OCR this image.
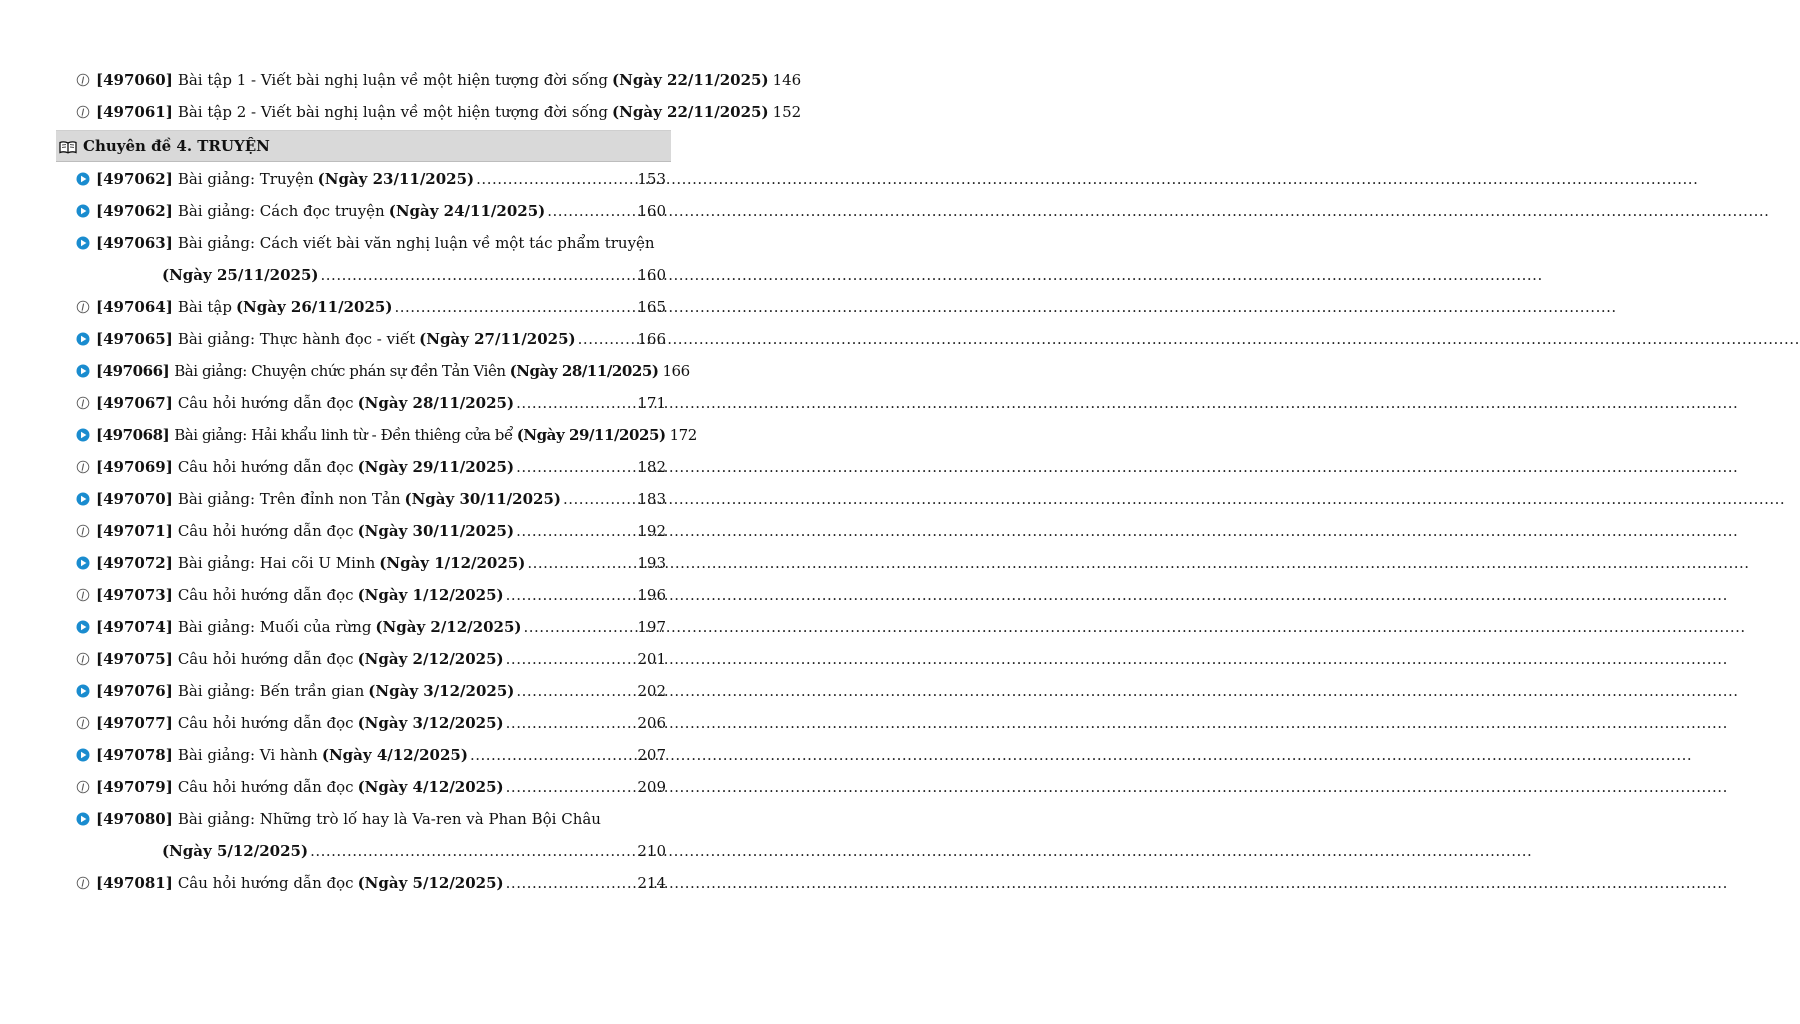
[497060] Bài tập 1 - Viết bài nghị luận về một hiện tượng đời sống (Ngày 22/11/2025) 146
[497061] Bài tập 2 - Viết bài nghị luận về một hiện tượng đời sống (Ngày 22/11/2025) 152
Chuyên đề 4. TRUYỆN
[497062] Bài giảng: Truyện (Ngày 23/11/2025) .....	153
[497062] Bài giảng: Cách đọc truyện (Ngày 24/11/2025) .....	160
[497063] Bài giảng: Cách viết bài văn nghị luận về một tác phẩm truyện
(Ngày 25/11/2025) .....	160
[497064] Bài tập (Ngày 26/11/2025) .....	165
[497065] Bài giảng: Thực hành đọc - viết (Ngày 27/11/2025) .....	166
[497066] Bài giảng: Chuyện chức phán sự đền Tản Viên (Ngày 28/11/2025) 166
[497067] Câu hỏi hướng dẫn đọc (Ngày 28/11/2025) .....	171
[497068] Bài giảng: Hải khẩu linh từ - Đền thiêng cửa bể (Ngày 29/11/2025) 172
[497069] Câu hỏi hướng dẫn đọc (Ngày 29/11/2025) .....	182
[497070] Bài giảng: Trên đỉnh non Tản (Ngày 30/11/2025) .....	183
[497071] Câu hỏi hướng dẫn đọc (Ngày 30/11/2025) .....	192
[497072] Bài giảng: Hai cõi U Minh (Ngày 1/12/2025) .....	193
[497073] Câu hỏi hướng dẫn đọc (Ngày 1/12/2025) .....	196
[497074] Bài giảng: Muối của rừng (Ngày 2/12/2025) .....	197
[497075] Câu hỏi hướng dẫn đọc (Ngày 2/12/2025) .....	201
[497076] Bài giảng: Bến trần gian (Ngày 3/12/2025) .....	202
[497077] Câu hỏi hướng dẫn đọc (Ngày 3/12/2025) .....	206
[497078] Bài giảng: Vi hành (Ngày 4/12/2025) .....	207
[497079] Câu hỏi hướng dẫn đọc (Ngày 4/12/2025) .....	209
[497080] Bài giảng: Những trò lố hay là Va-ren và Phan Bội Châu
(Ngày 5/12/2025) .....	210
[497081] Câu hỏi hướng dẫn đọc (Ngày 5/12/2025) .....	214
